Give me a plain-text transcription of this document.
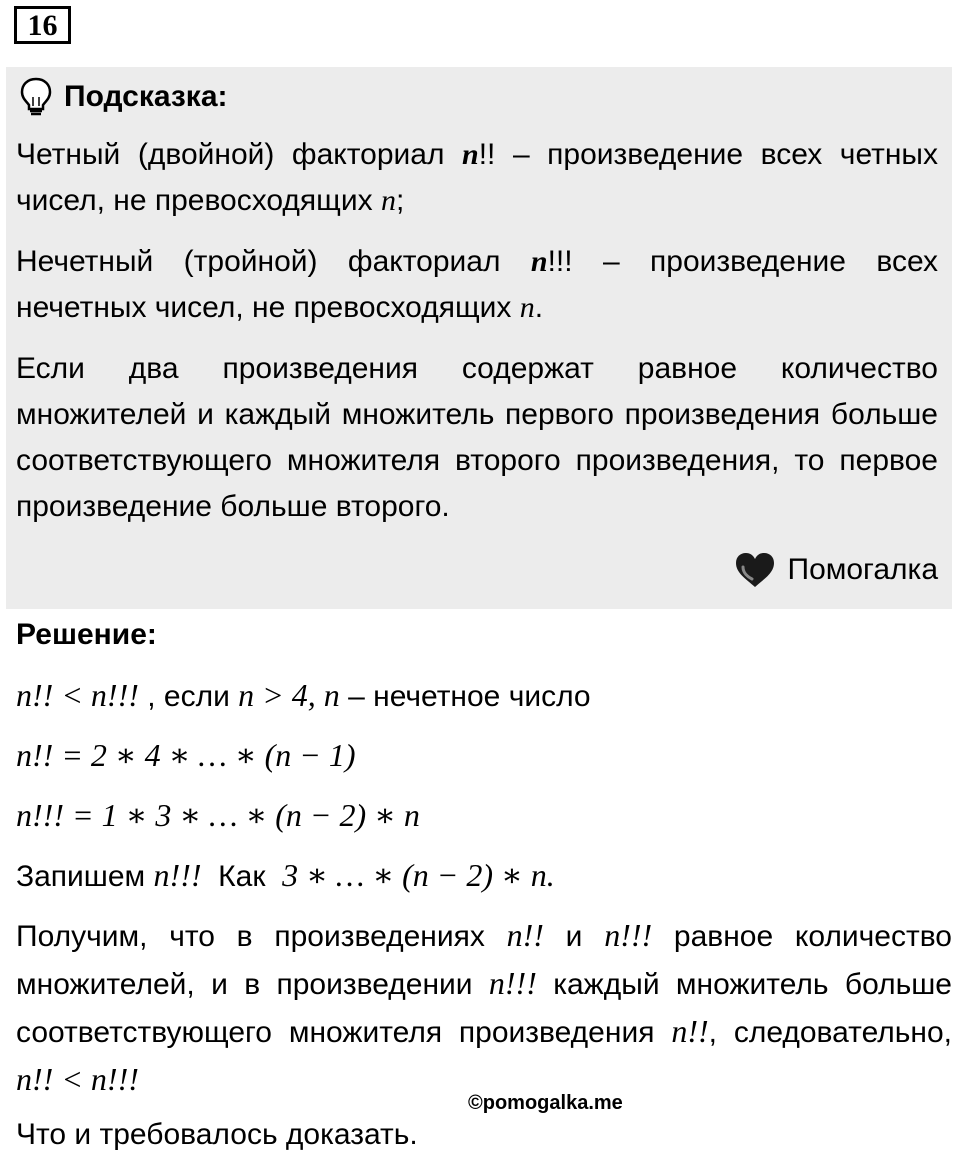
16
Подсказка:
Четный (двойной) факториал n!! – произведение всех четных чисел, не превосходящих n;
Нечетный (тройной) факториал n!!! – произведение всех нечетных чисел, не превосходящих n.
Если два произведения содержат равное количество множителей и каждый множитель первого произведения больше соответствующего множителя второго произведения, то первое произведение больше второго.
Помогалка
Решение:
n!! < n!!! , если n > 4, n – нечетное число
n!! = 2 ∗ 4 ∗ … ∗ (n − 1)
n!!! = 1 ∗ 3 ∗ … ∗ (n − 2) ∗ n
Запишем n!!!  Как  3 ∗ … ∗ (n − 2) ∗ n.
Получим, что в произведениях n!! и n!!! равное количество множителей, и в произведении n!!! каждый множитель больше соответствующего множителя произведения n!!, следовательно, n!! < n!!!
©pomogalka.me
Что и требовалось доказать.
